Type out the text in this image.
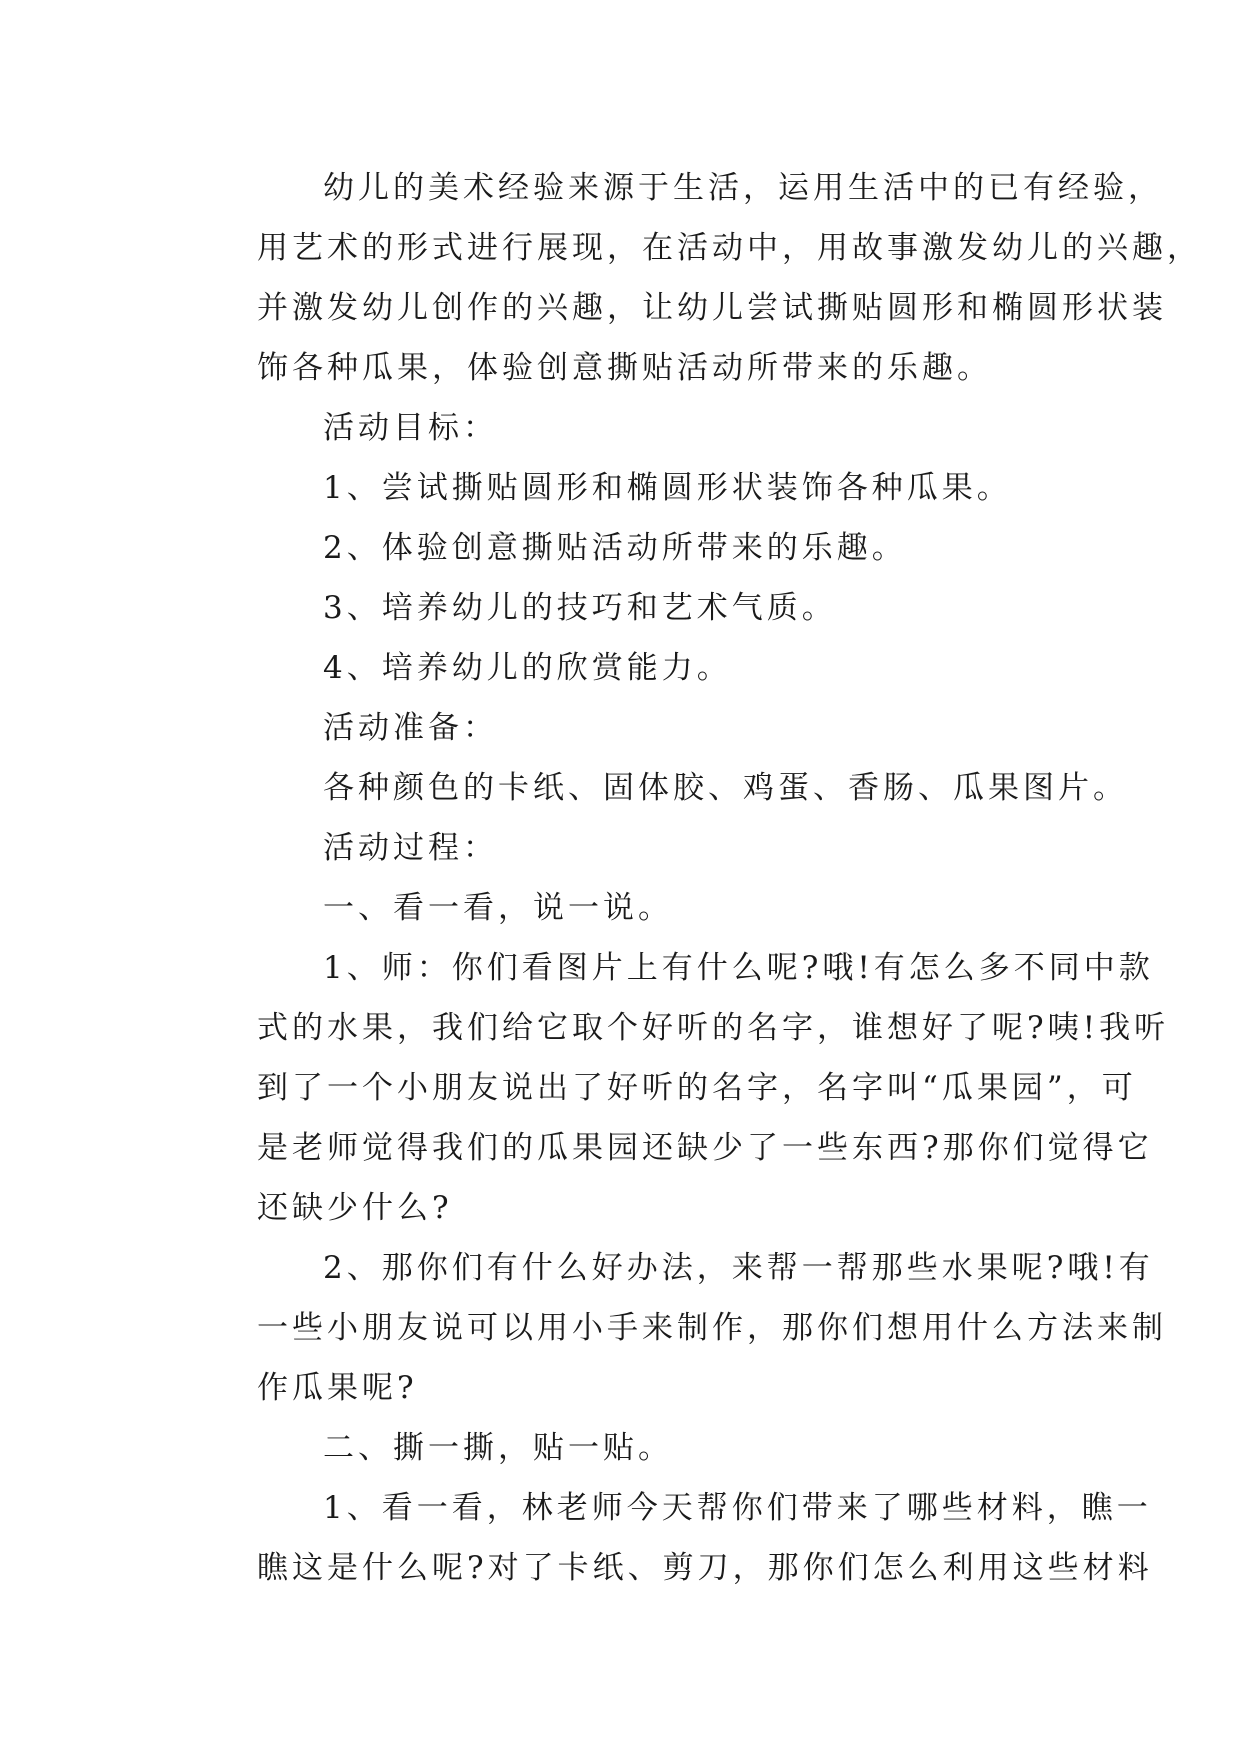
幼儿的美术经验来源于生活，运用生活中的已有经验，
用艺术的形式进行展现，在活动中，用故事激发幼儿的兴趣，
并激发幼儿创作的兴趣，让幼儿尝试撕贴圆形和椭圆形状装
饰各种瓜果，体验创意撕贴活动所带来的乐趣。
活动目标：
1、尝试撕贴圆形和椭圆形状装饰各种瓜果。
2、体验创意撕贴活动所带来的乐趣。
3、培养幼儿的技巧和艺术气质。
4、培养幼儿的欣赏能力。
活动准备：
各种颜色的卡纸、固体胶、鸡蛋、香肠、瓜果图片。
活动过程：
一、看一看，说一说。
1、师：你们看图片上有什么呢?哦!有怎么多不同中款
式的水果，我们给它取个好听的名字，谁想好了呢?咦!我听
到了一个小朋友说出了好听的名字，名字叫“瓜果园”，可
是老师觉得我们的瓜果园还缺少了一些东西?那你们觉得它
还缺少什么?
2、那你们有什么好办法，来帮一帮那些水果呢?哦!有
一些小朋友说可以用小手来制作，那你们想用什么方法来制
作瓜果呢?
二、撕一撕，贴一贴。
1、看一看，林老师今天帮你们带来了哪些材料，瞧一
瞧这是什么呢?对了卡纸、剪刀，那你们怎么利用这些材料
